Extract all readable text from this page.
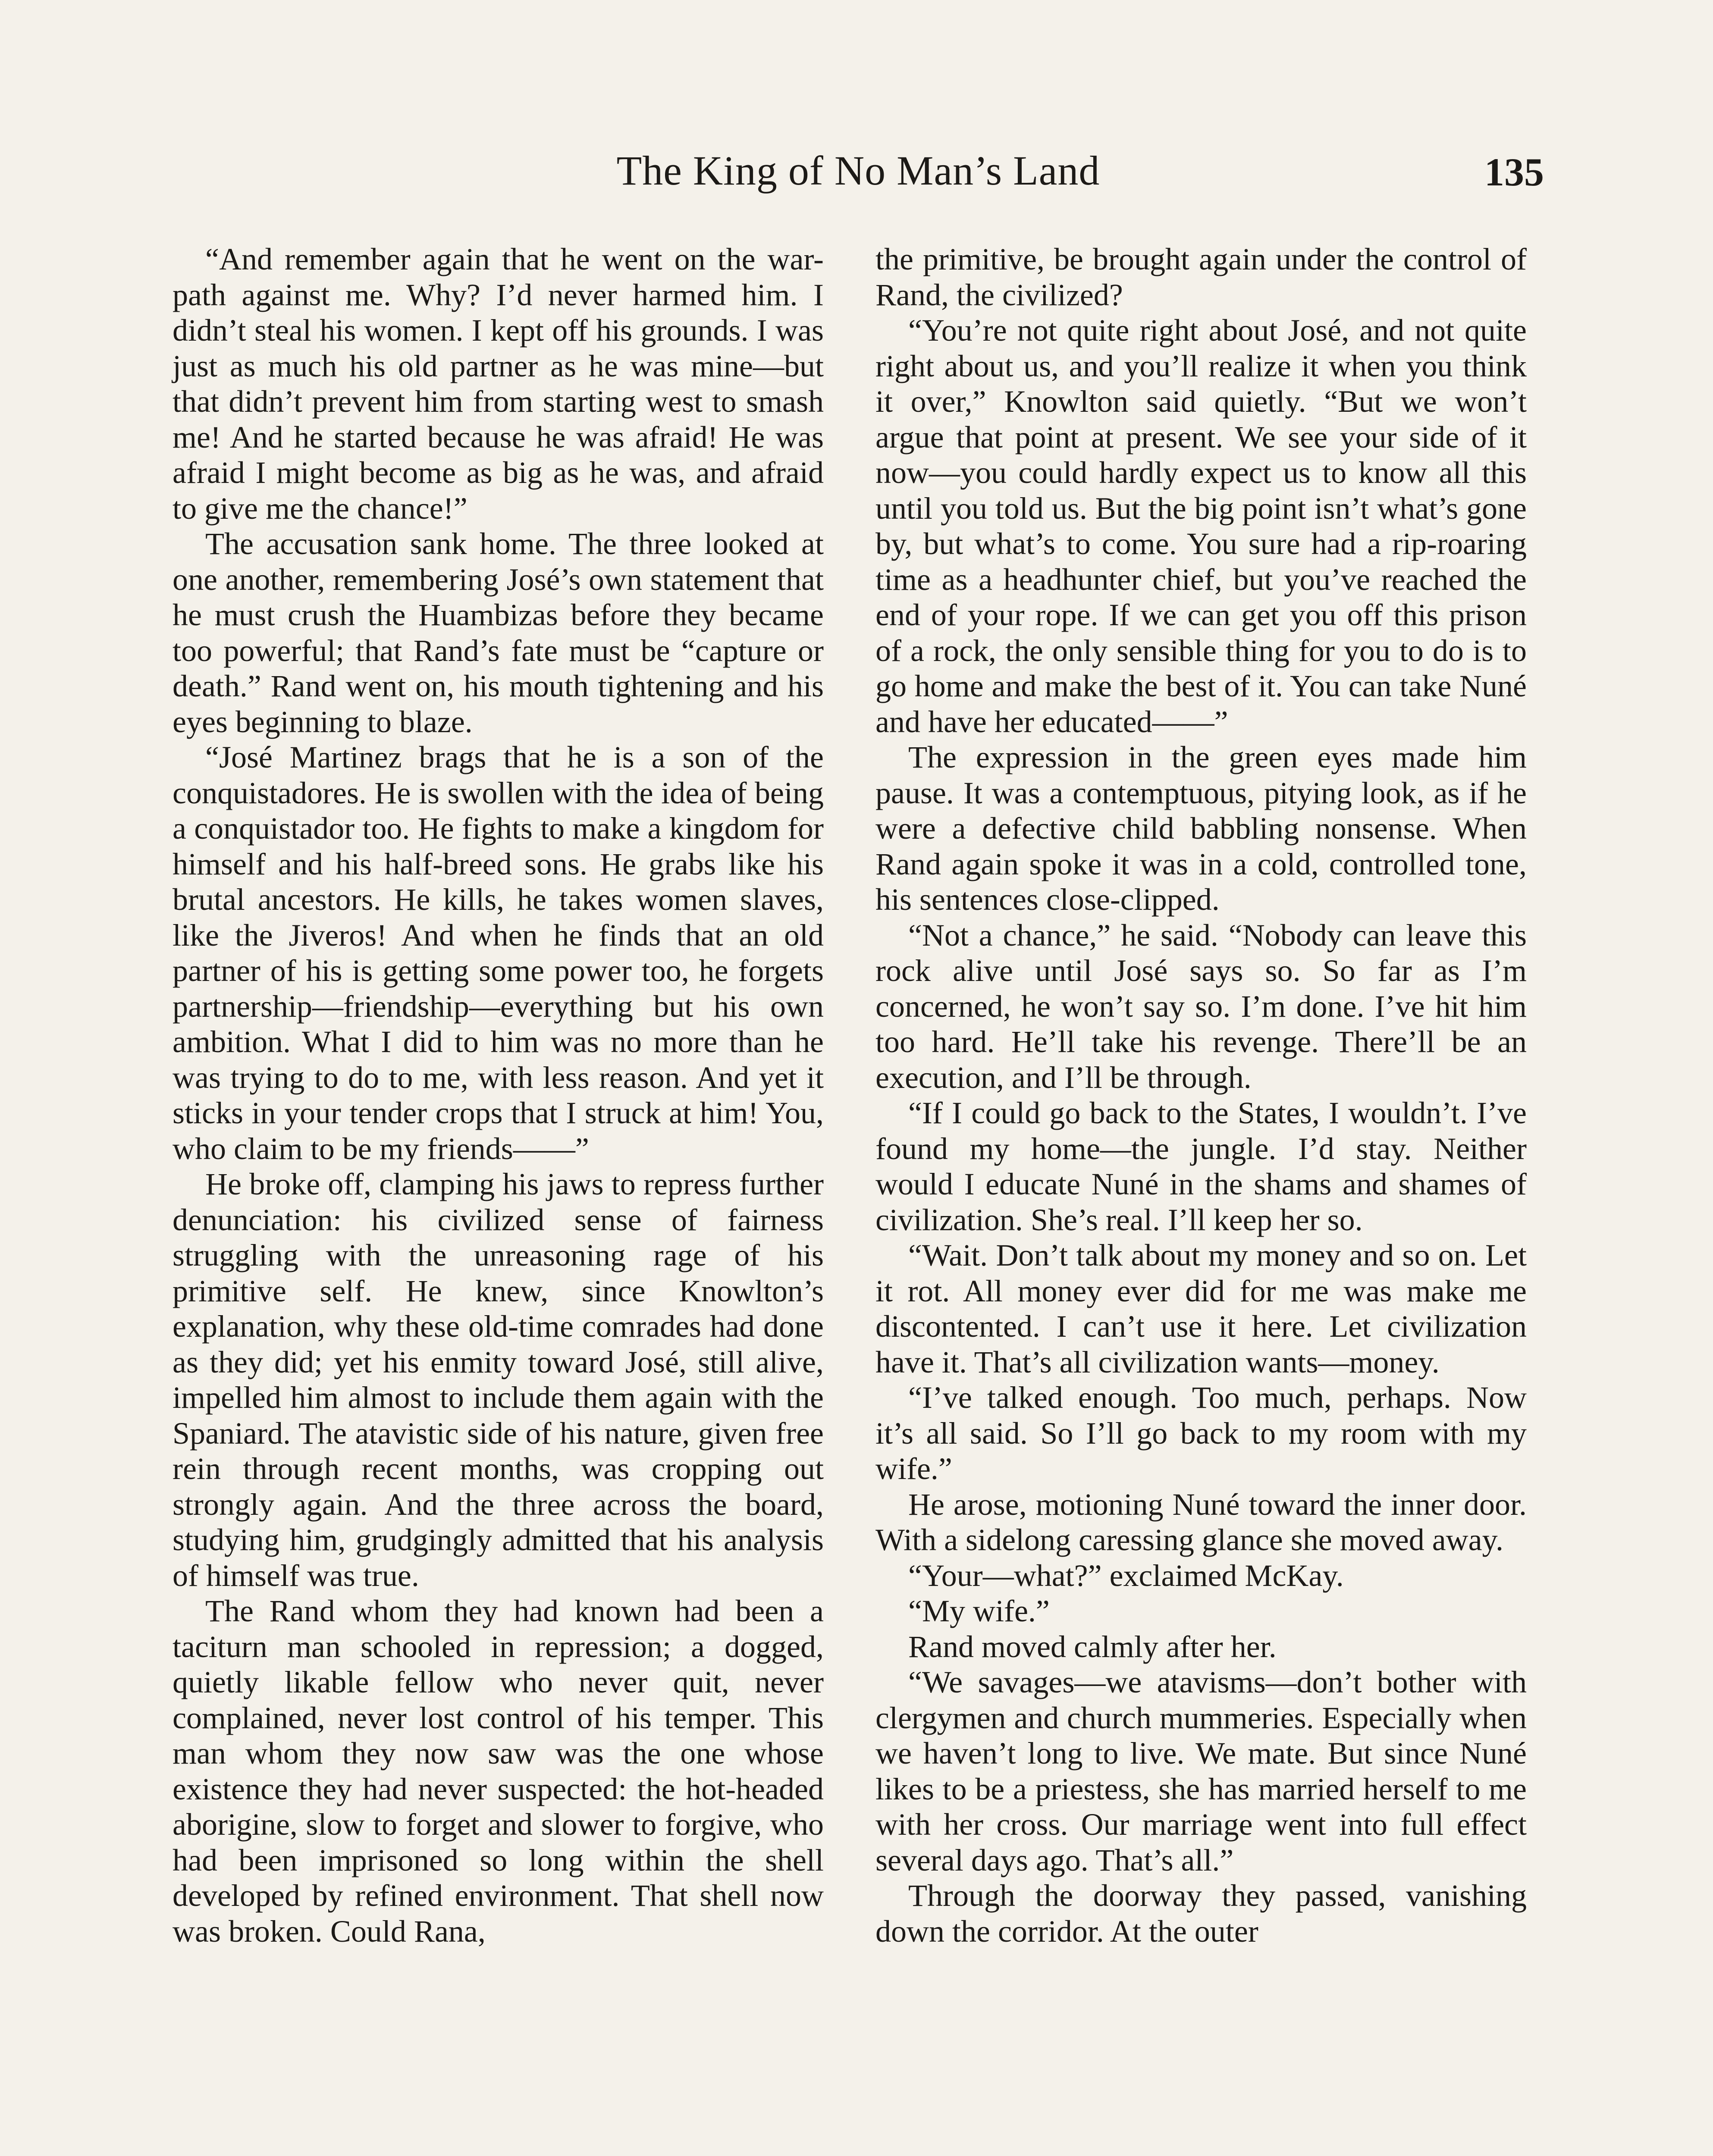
The King of No Man’s Land	135

“And remember again that he went on the war-path against me. Why? I’d never harmed him. I didn’t steal his women. I kept off his grounds. I was just as much his old partner as he was mine—but that didn’t prevent him from starting west to smash me! And he started because he was afraid! He was afraid I might become as big as he was, and afraid to give me the chance!”

The accusation sank home. The three looked at one another, remembering José’s own statement that he must crush the Huambizas before they became too powerful; that Rand’s fate must be “capture or death.” Rand went on, his mouth tightening and his eyes beginning to blaze.

“José Martinez brags that he is a son of the conquistadores. He is swollen with the idea of being a conquistador too. He fights to make a kingdom for himself and his half-breed sons. He grabs like his brutal ancestors. He kills, he takes women slaves, like the Jiveros! And when he finds that an old partner of his is getting some power too, he forgets partnership—friendship—everything but his own ambition. What I did to him was no more than he was trying to do to me, with less reason. And yet it sticks in your tender crops that I struck at him! You, who claim to be my friends——”

He broke off, clamping his jaws to repress further denunciation: his civilized sense of fairness struggling with the unreasoning rage of his primitive self. He knew, since Knowlton’s explanation, why these old-time comrades had done as they did; yet his enmity toward José, still alive, impelled him almost to include them again with the Spaniard. The atavistic side of his nature, given free rein through recent months, was cropping out strongly again. And the three across the board, studying him, grudgingly admitted that his analysis of himself was true.

The Rand whom they had known had been a taciturn man schooled in repression; a dogged, quietly likable fellow who never quit, never complained, never lost control of his temper. This man whom they now saw was the one whose existence they had never suspected: the hot-headed aborigine, slow to forget and slower to forgive, who had been imprisoned so long within the shell developed by refined environment. That shell now was broken. Could Rana,

the primitive, be brought again under the control of Rand, the civilized?

“You’re not quite right about José, and not quite right about us, and you’ll realize it when you think it over,” Knowlton said quietly. “But we won’t argue that point at present. We see your side of it now—you could hardly expect us to know all this until you told us. But the big point isn’t what’s gone by, but what’s to come. You sure had a rip-roaring time as a headhunter chief, but you’ve reached the end of your rope. If we can get you off this prison of a rock, the only sensible thing for you to do is to go home and make the best of it. You can take Nuné and have her educated——”

The expression in the green eyes made him pause. It was a contemptuous, pitying look, as if he were a defective child babbling nonsense. When Rand again spoke it was in a cold, controlled tone, his sentences close-clipped.

“Not a chance,” he said. “Nobody can leave this rock alive until José says so. So far as I’m concerned, he won’t say so. I’m done. I’ve hit him too hard. He’ll take his revenge. There’ll be an execution, and I’ll be through.

“If I could go back to the States, I wouldn’t. I’ve found my home—the jungle. I’d stay. Neither would I educate Nuné in the shams and shames of civilization. She’s real. I’ll keep her so.

“Wait. Don’t talk about my money and so on. Let it rot. All money ever did for me was make me discontented. I can’t use it here. Let civilization have it. That’s all civilization wants—money.

“I’ve talked enough. Too much, perhaps. Now it’s all said. So I’ll go back to my room with my wife.”

He arose, motioning Nuné toward the inner door. With a sidelong caressing glance she moved away.

“Your—what?” exclaimed McKay.

“My wife.”

Rand moved calmly after her.

“We savages—we atavisms—don’t bother with clergymen and church mummeries. Especially when we haven’t long to live. We mate. But since Nuné likes to be a priestess, she has married herself to me with her cross. Our marriage went into full effect several days ago. That’s all.”

Through the doorway they passed, vanishing down the corridor. At the outer
